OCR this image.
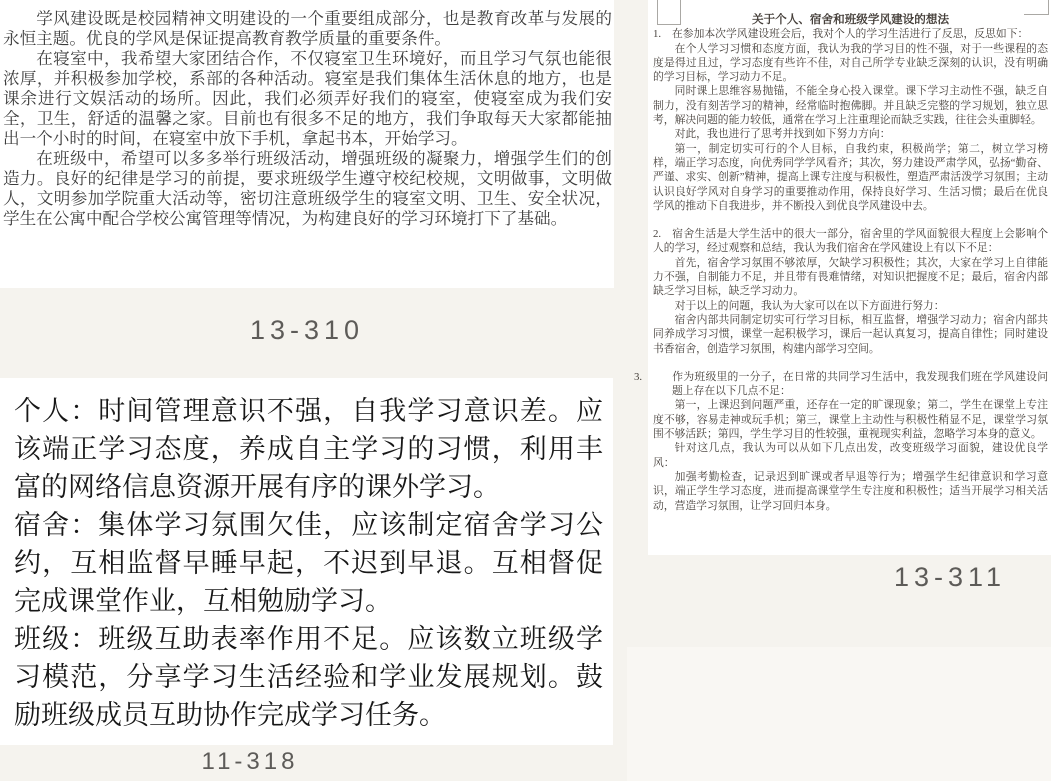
学风建设既是校园精神文明建设的一个重要组成部分，也是教育改革与发展的永恒主题。优良的学风是保证提高教育教学质量的重要条件。

在寝室中，我希望大家团结合作，不仅寝室卫生环境好，而且学习气氛也能很浓厚，并积极参加学校，系部的各种活动。寝室是我们集体生活休息的地方，也是课余进行文娱活动的场所。因此，我们必须弄好我们的寝室，使寝室成为我们安全，卫生，舒适的温馨之家。目前也有很多不足的地方，我们争取每天大家都能抽出一个小时的时间，在寝室中放下手机，拿起书本，开始学习。

在班级中，希望可以多多举行班级活动，增强班级的凝聚力，增强学生们的创造力。良好的纪律是学习的前提，要求班级学生遵守校纪校规，文明做事，文明做人，文明参加学院重大活动等，密切注意班级学生的寝室文明、卫生、安全状况，学生在公寓中配合学校公寓管理等情况，为构建良好的学习环境打下了基础。

13-310

个人：时间管理意识不强，自我学习意识差。应该端正学习态度，养成自主学习的习惯，利用丰富的网络信息资源开展有序的课外学习。

宿舍：集体学习氛围欠佳，应该制定宿舍学习公约，互相监督早睡早起，不迟到早退。互相督促完成课堂作业，互相勉励学习。

班级：班级互助表率作用不足。应该数立班级学习模范，分享学习生活经验和学业发展规划。鼓励班级成员互助协作完成学习任务。

11-318

关于个人、宿舍和班级学风建设的想法

1. 在参加本次学风建设班会后，我对个人的学习生活进行了反思，反思如下：

在个人学习习惯和态度方面，我认为我的学习目的性不强，对于一些课程的态度是得过且过，学习态度有些许不佳，对自己所学专业缺乏深刻的认识，没有明确的学习目标，学习动力不足。

同时课上思维容易抛锚，不能全身心投入课堂。课下学习主动性不强，缺乏自制力，没有刻苦学习的精神，经常临时抱佛脚。并且缺乏完整的学习规划，独立思考，解决问题的能力较低，通常在学习上注重理论而缺乏实践，往往会头重脚轻。

对此，我也进行了思考并找到如下努力方向：

第一，制定切实可行的个人目标，自我约束，积极尚学；第二，树立学习榜样，端正学习态度，向优秀同学学风看齐；其次，努力建设严肃学风，弘扬“勤奋、严谨、求实、创新”精神，提高上课专注度与积极性，塑造严肃活泼学习氛围；主动认识良好学风对自身学习的重要推动作用，保持良好学习、生活习惯；最后在优良学风的推动下自我进步，并不断投入到优良学风建设中去。

2. 宿舍生活是大学生活中的很大一部分，宿舍里的学风面貌很大程度上会影响个人的学习，经过观察和总结，我认为我们宿舍在学风建设上有以下不足：

首先，宿舍学习氛围不够浓厚，欠缺学习积极性；其次，大家在学习上自律能力不强，自制能力不足，并且带有畏难情绪，对知识把握度不足；最后，宿舍内部缺乏学习目标，缺乏学习动力。

对于以上的问题，我认为大家可以在以下方面进行努力：

宿舍内部共同制定切实可行学习目标，相互监督，增强学习动力；宿舍内部共同养成学习习惯，课堂一起积极学习，课后一起认真复习，提高自律性；同时建设书香宿舍，创造学习氛围，构建内部学习空间。

3.	作为班级里的一分子，在日常的共同学习生活中，我发现我们班在学风建设问题上存在以下几点不足：

第一，上课迟到问题严重，还存在一定的旷课现象；第二，学生在课堂上专注度不够，容易走神或玩手机；第三，课堂上主动性与积极性稍显不足，课堂学习氛围不够活跃；第四，学生学习目的性较强，重视现实利益，忽略学习本身的意义。

针对这几点，我认为可以从如下几点出发，改变班级学习面貌，建设优良学风：

加强考勤检查，记录迟到旷课或者早退等行为；增强学生纪律意识和学习意识，端正学生学习态度，进而提高课堂学生专注度和积极性；适当开展学习相关活动，营造学习氛围，让学习回归本身。

13-311
